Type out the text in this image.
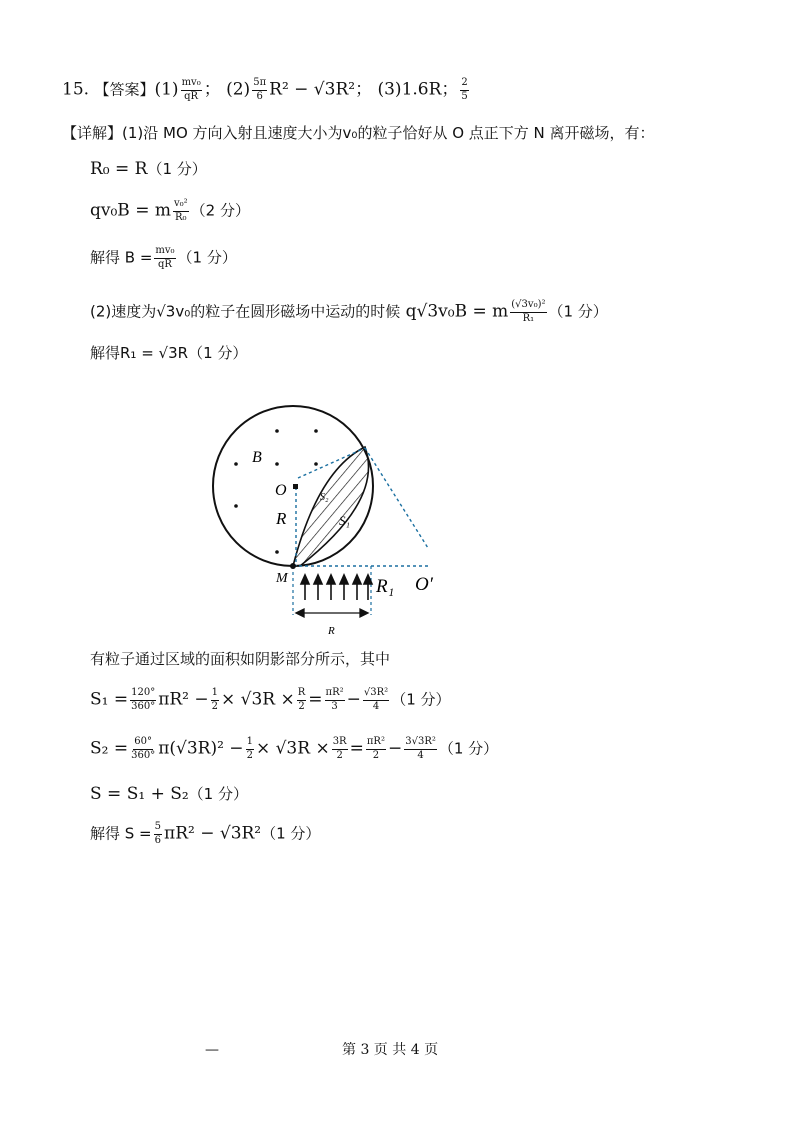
15. 【答案】$(1) \frac{\text{mv₀}}{qR}$ ； $(2) \frac{5\pi}{6} R^2 - √3R^2$； (3)1.6R； $\frac{2}{5}$
【详解】(1)沿 MO 方向入射且速度大小为v₀的粒子恰好从 O 点正下方 N 离开磁场，有：
R₀ = R（1 分）
qv₀B = m $\frac{\text{v₀²}}{\text{R₀}} (2$ 分）
解得 $B = \frac{\text{mv₀}}{qR} (1$ 分）
(2)速度为√3v₀的粒子在圆形磁场中运动的时候 q√3v₀B = m $\frac{\text{(√3v₀)²}}{\text{R₁}} (1$ 分）
解得R₁ = √3R（1 分）
B
O
R
S₂
S₁
M	R₁ O′
R
有粒子通过区域的面积如阴影部分所示，其中
$S_1 = \frac{120^\circ}{360^\circ} \pi R^2 - \frac{1}{2} \times √3R \times \frac{R}{2} = \frac{\text{πR²}}{3} - \frac{\text{√3R²}}{4} (1$ 分）
$S_2 = \frac{60^\circ}{360^\circ} \pi(√3R)^2 - \frac{1}{2} \times √3R \times \frac{3R}{2} = \frac{\text{πR²}}{2} - \frac{\text{3√3R²}}{4} (1$ 分）
S = S₁ + S₂（1 分）
解得 $S = \frac{5}{6} \pi R^2 - √3R^2(1$ 分）
—	第 3 页 共 4 页
